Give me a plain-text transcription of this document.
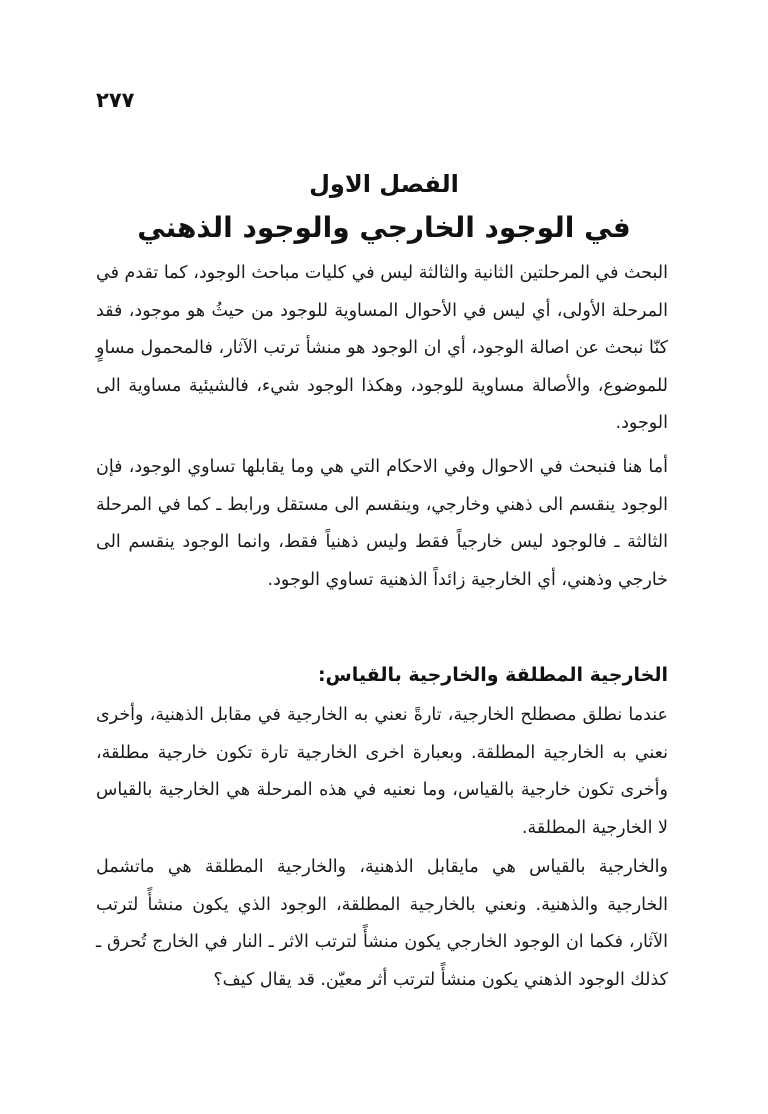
٢٧٧
الفصل الاول
في الوجود الخارجي والوجود الذهني

البحث في المرحلتين الثانية والثالثة ليس في كليات مباحث الوجود، كما تقدم في المرحلة الأولى، أي ليس في الأحوال المساوية للوجود من حيثُ هو موجود، فقد كنّا نبحث عن اصالة الوجود، أي ان الوجود هو منشأ ترتب الآثار، فالمحمول مساوٍ للموضوع، والأصالة مساوية للوجود، وهكذا الوجود شيء، فالشيئية مساوية الى الوجود.

أما هنا فنبحث في الاحوال وفي الاحكام التي هي وما يقابلها تساوي الوجود، فإن الوجود ينقسم الى ذهني وخارجي، وينقسم الى مستقل ورابط ـ كما في المرحلة الثالثة ـ فالوجود ليس خارجياً فقط وليس ذهنياً فقط، وانما الوجود ينقسم الى خارجي وذهني، أي الخارجية زائداً الذهنية تساوي الوجود.

الخارجية المطلقة والخارجية بالقياس:

عندما نطلق مصطلح الخارجية، تارةً نعني به الخارجية في مقابل الذهنية، وأخرى نعني به الخارجية المطلقة. وبعبارة اخرى الخارجية تارة تكون خارجية مطلقة، وأخرى تكون خارجية بالقياس، وما نعنيه في هذه المرحلة هي الخارجية بالقياس لا الخارجية المطلقة.

والخارجية بالقياس هي مايقابل الذهنية، والخارجية المطلقة هي ماتشمل الخارجية والذهنية. ونعني بالخارجية المطلقة، الوجود الذي يكون منشأً لترتب الآثار، فكما ان الوجود الخارجي يكون منشأً لترتب الاثر ـ النار في الخارج تُحرق ـ كذلك الوجود الذهني يكون منشأً لترتب أثر معيّن. قد يقال كيف؟
